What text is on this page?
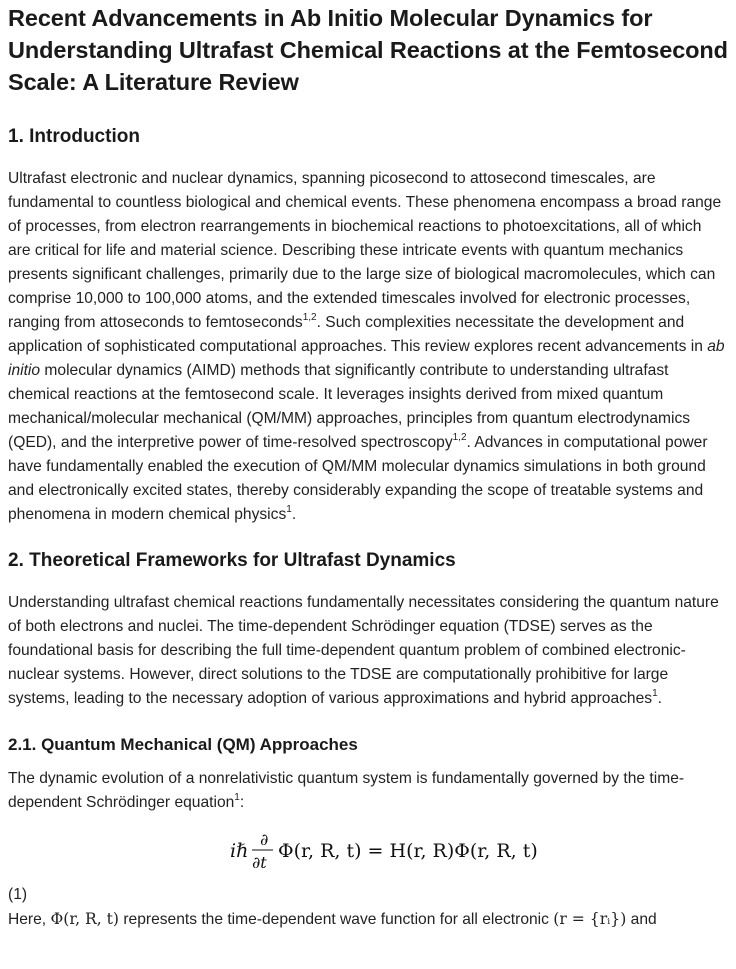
Recent Advancements in Ab Initio Molecular Dynamics for Understanding Ultrafast Chemical Reactions at the Femtosecond Scale: A Literature Review
1. Introduction

Ultrafast electronic and nuclear dynamics, spanning picosecond to attosecond timescales, are fundamental to countless biological and chemical events. These phenomena encompass a broad range of processes, from electron rearrangements in biochemical reactions to photoexcitations, all of which are critical for life and material science. Describing these intricate events with quantum mechanics presents significant challenges, primarily due to the large size of biological macromolecules, which can comprise 10,000 to 100,000 atoms, and the extended timescales involved for electronic processes, ranging from attoseconds to femtoseconds$^{1,2}$. Such complexities necessitate the development and application of sophisticated computational approaches. This review explores recent advancements in ab initio molecular dynamics (AIMD) methods that significantly contribute to understanding ultrafast chemical reactions at the femtosecond scale. It leverages insights derived from mixed quantum mechanical/molecular mechanical (QM/MM) approaches, principles from quantum electrodynamics (QED), and the interpretive power of time-resolved spectroscopy$^{1,2}$. Advances in computational power have fundamentally enabled the execution of QM/MM molecular dynamics simulations in both ground and electronically excited states, thereby considerably expanding the scope of treatable systems and phenomena in modern chemical physics$^1$.

2. Theoretical Frameworks for Ultrafast Dynamics

Understanding ultrafast chemical reactions fundamentally necessitates considering the quantum nature of both electrons and nuclei. The time-dependent Schrödinger equation (TDSE) serves as the foundational basis for describing the full time-dependent quantum problem of combined electronic-nuclear systems. However, direct solutions to the TDSE are computationally prohibitive for large systems, leading to the necessary adoption of various approximations and hybrid approaches$^1$.

2.1. Quantum Mechanical (QM) Approaches

The dynamic evolution of a nonrelativistic quantum system is fundamentally governed by the time-dependent Schrödinger equation$^1$:

iℏ
∂
∂t
Φ(r, R, t) = H(r, R)Φ(r, R, t)
(1)

Here, Φ(r, R, t) represents the time-dependent wave function for all electronic (r = {rᵢ}) and
